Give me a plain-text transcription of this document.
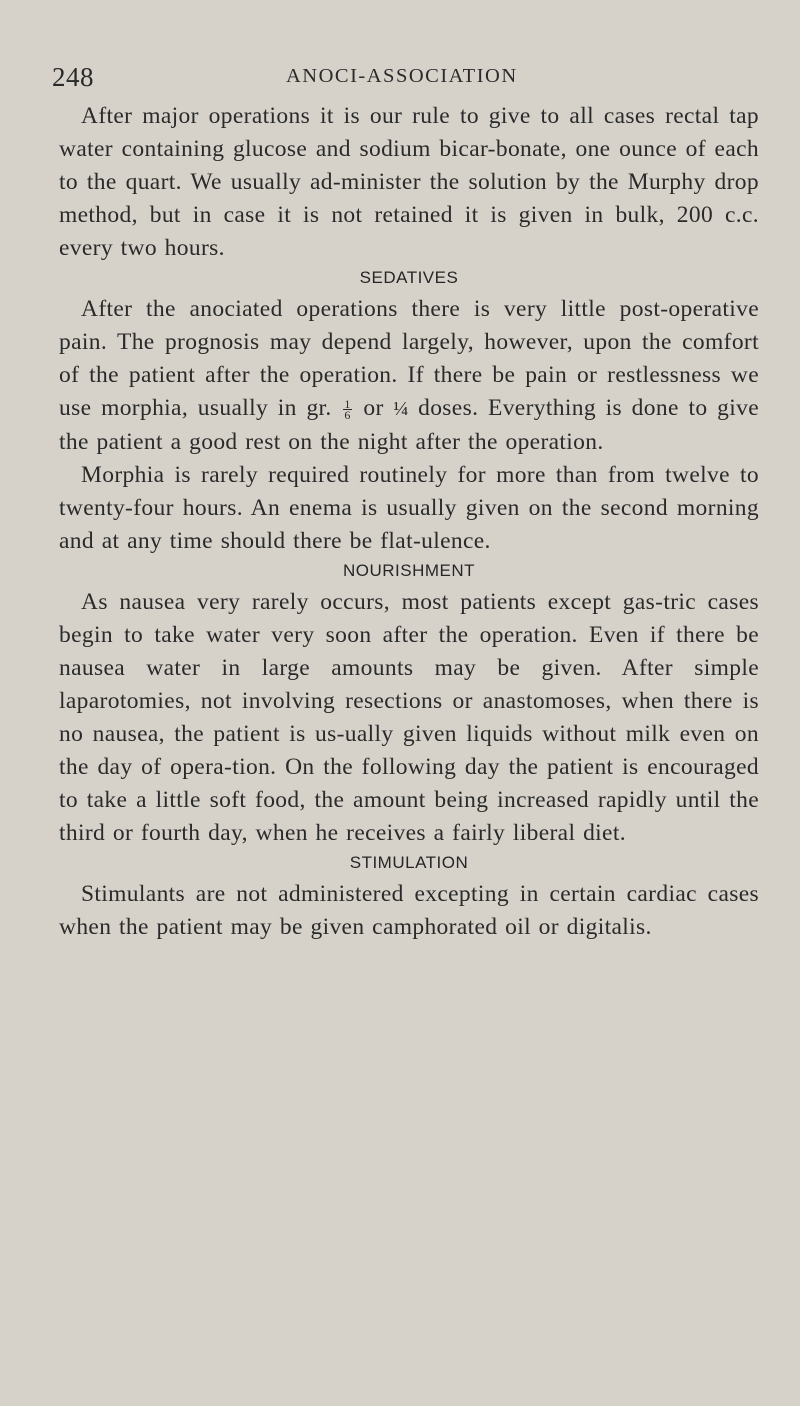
248	ANOCI-ASSOCIATION

After major operations it is our rule to give to all cases rectal tap water containing glucose and sodium bicar-bonate, one ounce of each to the quart. We usually ad-minister the solution by the Murphy drop method, but in case it is not retained it is given in bulk, 200 c.c. every two hours.

SEDATIVES

After the anociated operations there is very little post-operative pain. The prognosis may depend largely, however, upon the comfort of the patient after the operation. If there be pain or restlessness we use morphia, usually in gr. $\frac{1}{6}$ or ¼ doses. Everything is done to give the patient a good rest on the night after the operation.

Morphia is rarely required routinely for more than from twelve to twenty-four hours. An enema is usually given on the second morning and at any time should there be flat-ulence.

NOURISHMENT

As nausea very rarely occurs, most patients except gas-tric cases begin to take water very soon after the operation. Even if there be nausea water in large amounts may be given. After simple laparotomies, not involving resections or anastomoses, when there is no nausea, the patient is us-ually given liquids without milk even on the day of opera-tion. On the following day the patient is encouraged to take a little soft food, the amount being increased rapidly until the third or fourth day, when he receives a fairly liberal diet.

STIMULATION

Stimulants are not administered excepting in certain cardiac cases when the patient may be given camphorated oil or digitalis.
